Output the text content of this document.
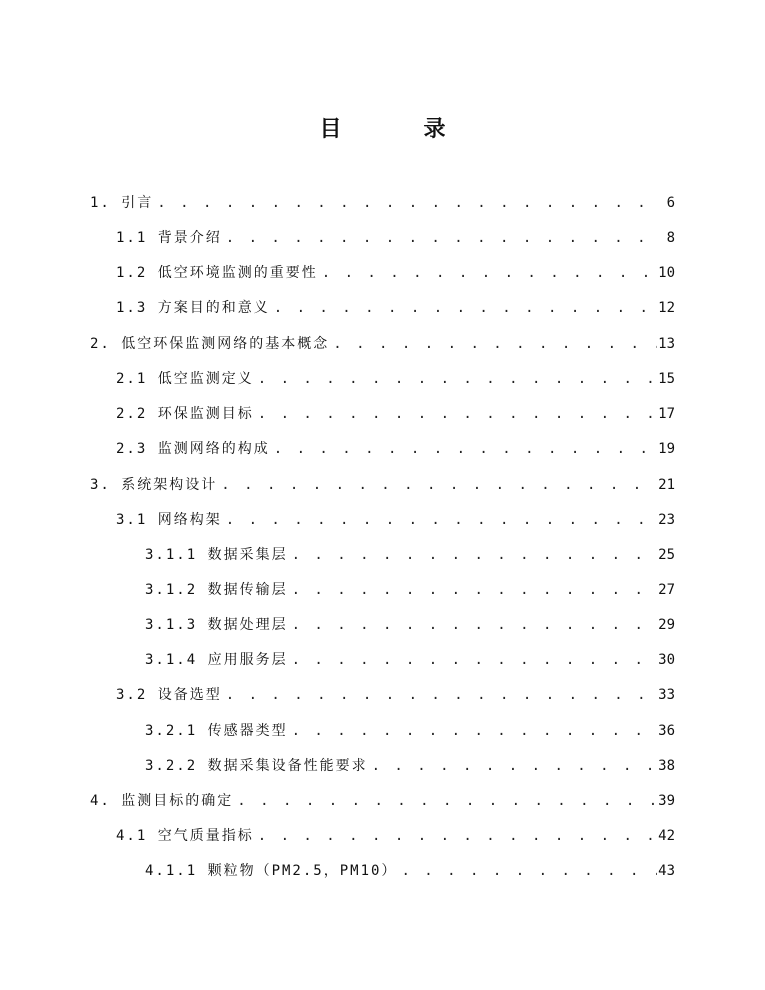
目　录
1. 引言 . . .	6
1.1 背景介绍 . . .	8
1.2 低空环境监测的重要性 . . .	10
1.3 方案目的和意义 . . .	12
2. 低空环保监测网络的基本概念 . . .	13
2.1 低空监测定义 . . .	15
2.2 环保监测目标 . . .	17
2.3 监测网络的构成 . . .	19
3. 系统架构设计 . . .	21
3.1 网络构架 . . .	23
3.1.1 数据采集层 . . .	25
3.1.2 数据传输层 . . .	27
3.1.3 数据处理层 . . .	29
3.1.4 应用服务层 . . .	30
3.2 设备选型 . . .	33
3.2.1 传感器类型 . . .	36
3.2.2 数据采集设备性能要求 . . .	38
4. 监测目标的确定 . . .	39
4.1 空气质量指标 . . .	42
4.1.1 颗粒物（PM2.5，PM10） . . .	43
